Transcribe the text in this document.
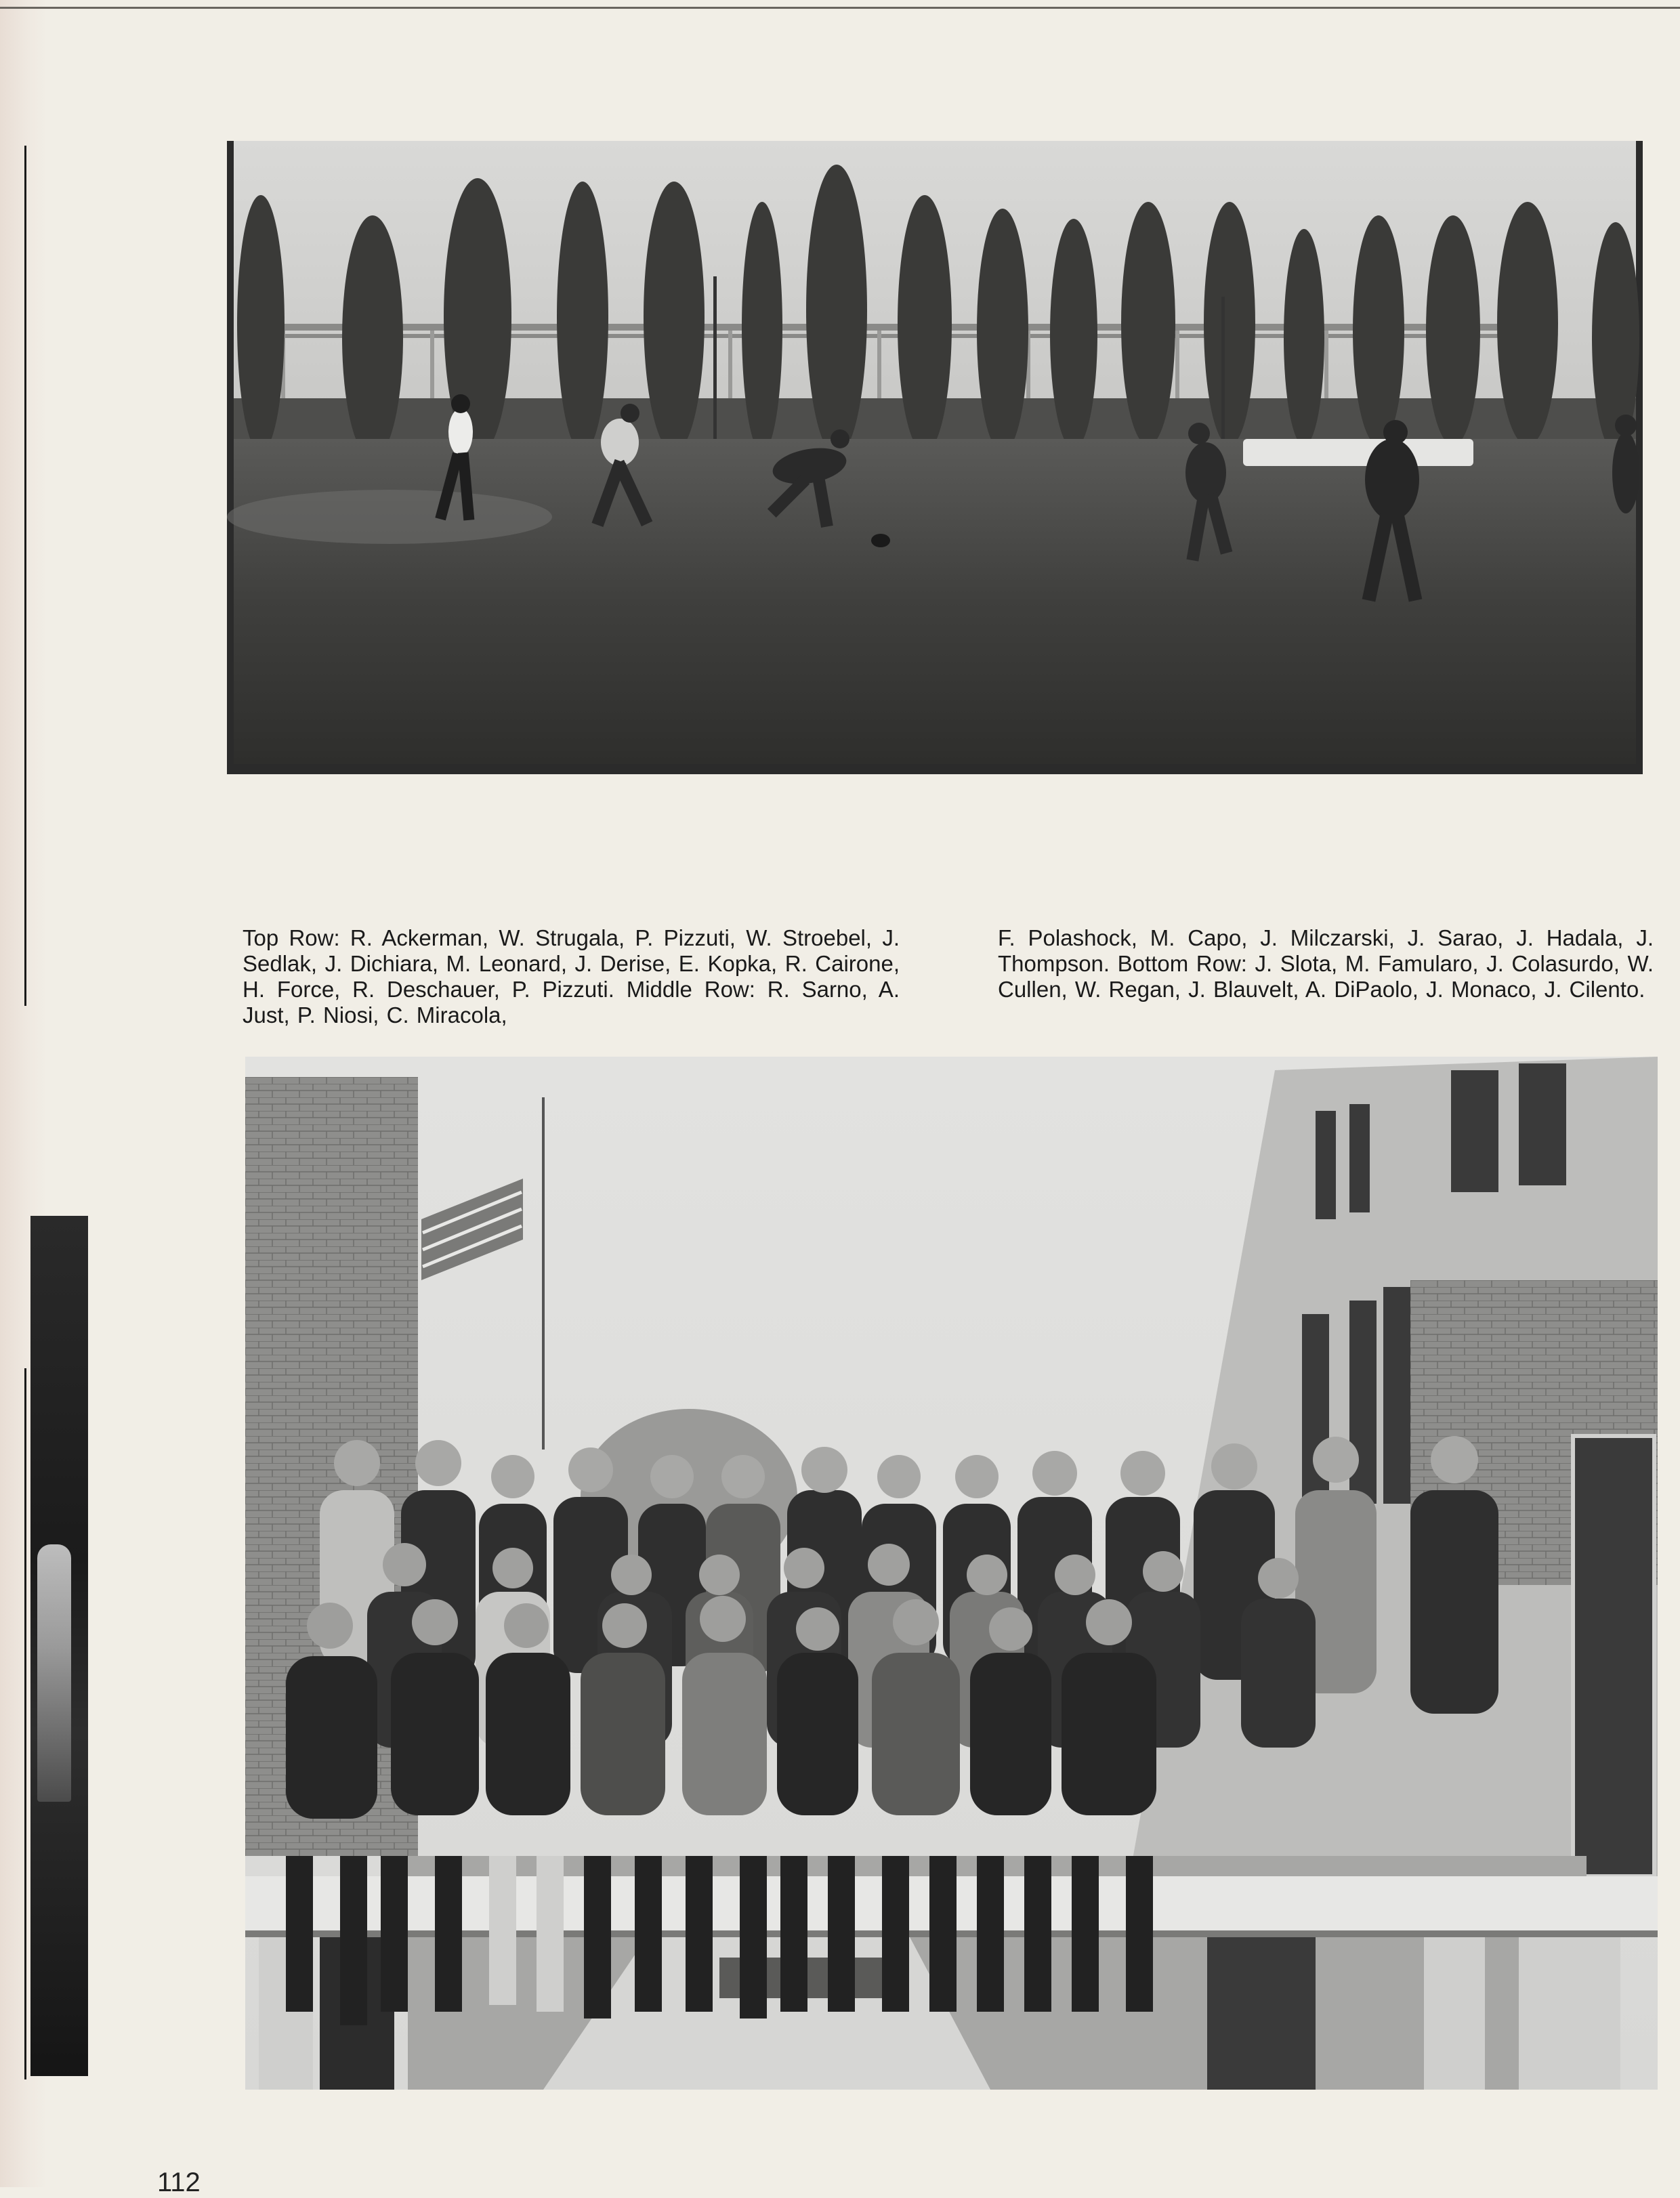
Top Row: R. Ackerman, W. Strugala, P. Pizzuti, W. Stroebel, J. Sedlak, J. Dichiara, M. Leonard, J. Derise, E. Kopka, R. Cairone, H. Force, R. Deschauer, P. Pizzuti. Middle Row: R. Sarno, A. Just, P. Niosi, C. Miracola,

F. Polashock, M. Capo, J. Milczarski, J. Sarao, J. Hadala, J. Thompson. Bottom Row: J. Slota, M. Famularo, J. Colasurdo, W. Cullen, W. Regan, J. Blauvelt, A. DiPaolo, J. Monaco, J. Cilento.

112
